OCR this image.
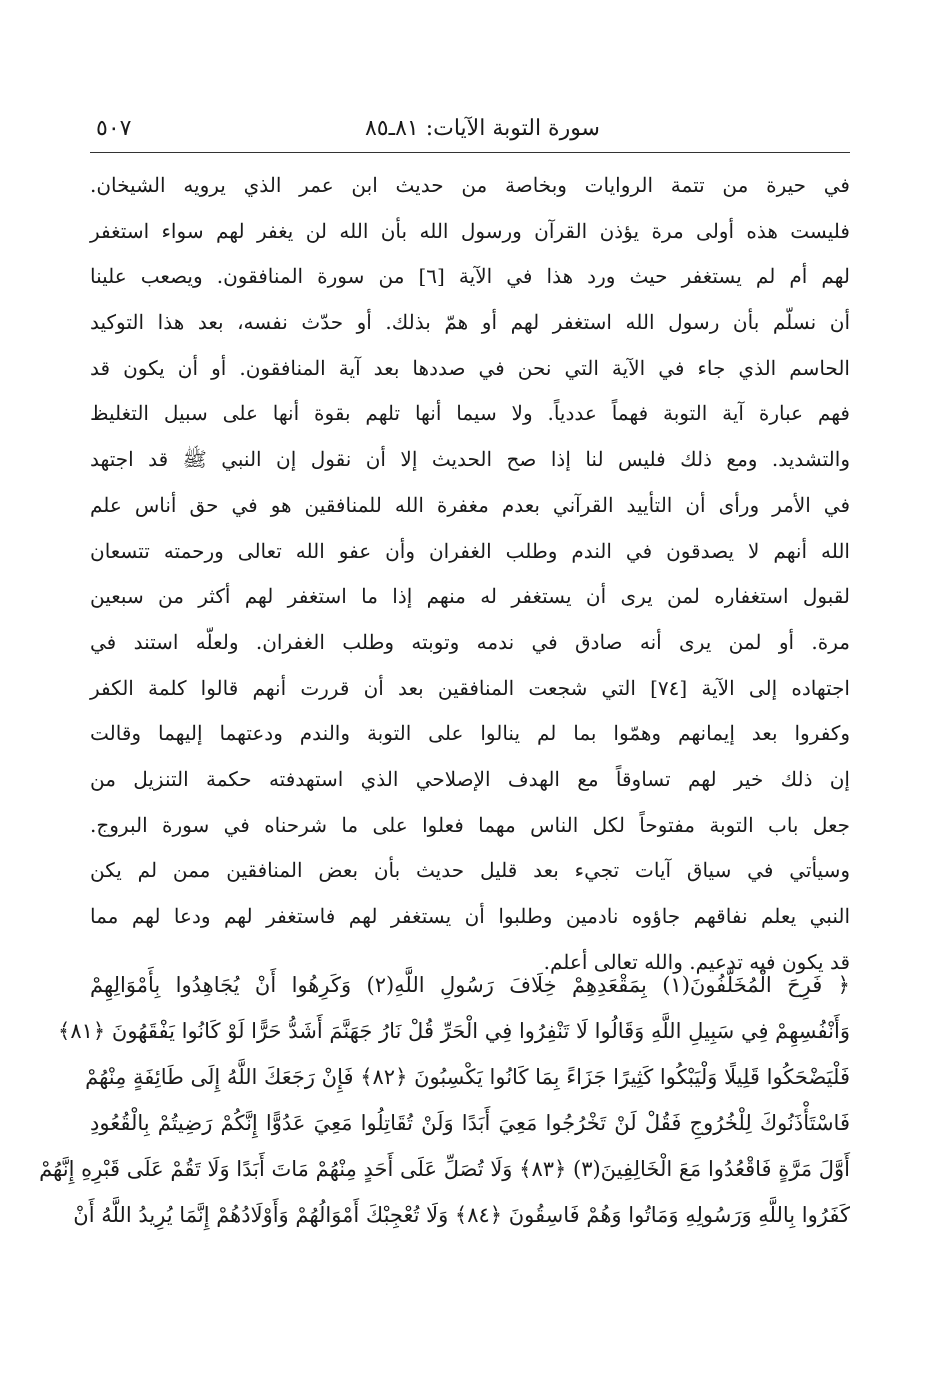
سورة التوبة الآيات: ٨١ـ٨٥
٥٠٧
في حيرة من تتمة الروايات وبخاصة من حديث ابن عمر الذي يرويه الشيخان.
فليست هذه أولى مرة يؤذن القرآن ورسول الله بأن الله لن يغفر لهم سواء استغفر
لهم أم لم يستغفر حيث ورد هذا في الآية [٦] من سورة المنافقون. ويصعب علينا
أن نسلّم بأن رسول الله استغفر لهم أو همّ بذلك. أو حدّث نفسه، بعد هذا التوكيد
الحاسم الذي جاء في الآية التي نحن في صددها بعد آية المنافقون. أو أن يكون قد
فهم عبارة آية التوبة فهماً عددياً. ولا سيما أنها تلهم بقوة أنها على سبيل التغليظ
والتشديد. ومع ذلك فليس لنا إذا صح الحديث إلا أن نقول إن النبي ﷺ قد اجتهد
في الأمر ورأى أن التأييد القرآني بعدم مغفرة الله للمنافقين هو في حق أناس علم
الله أنهم لا يصدقون في الندم وطلب الغفران وأن عفو الله تعالى ورحمته تتسعان
لقبول استغفاره لمن يرى أن يستغفر له منهم إذا ما استغفر لهم أكثر من سبعين
مرة. أو لمن يرى أنه صادق في ندمه وتوبته وطلب الغفران. ولعلّه استند في
اجتهاده إلى الآية [٧٤] التي شجعت المنافقين بعد أن قررت أنهم قالوا كلمة الكفر
وكفروا بعد إيمانهم وهمّوا بما لم ينالوا على التوبة والندم ودعتهما إليهما وقالت
إن ذلك خير لهم تساوقاً مع الهدف الإصلاحي الذي استهدفته حكمة التنزيل من
جعل باب التوبة مفتوحاً لكل الناس مهما فعلوا على ما شرحناه في سورة البروج.
وسيأتي في سياق آيات تجيء بعد قليل حديث بأن بعض المنافقين ممن لم يكن
النبي يعلم نفاقهم جاؤوه نادمين وطلبوا أن يستغفر لهم فاستغفر لهم ودعا لهم مما
قد يكون فيه تدعيم. والله تعالى أعلم.
﴿ فَرِحَ الْمُخَلَّفُونَ(١) بِمَقْعَدِهِمْ خِلَافَ رَسُولِ اللَّهِ(٢) وَكَرِهُوا أَنْ يُجَاهِدُوا بِأَمْوَالِهِمْ
وَأَنْفُسِهِمْ فِي سَبِيلِ اللَّهِ وَقَالُوا لَا تَنْفِرُوا فِي الْحَرِّ قُلْ نَارُ جَهَنَّمَ أَشَدُّ حَرًّا لَوْ كَانُوا يَفْقَهُونَ ﴿٨١﴾
فَلْيَضْحَكُوا قَلِيلًا وَلْيَبْكُوا كَثِيرًا جَزَاءً بِمَا كَانُوا يَكْسِبُونَ ﴿٨٢﴾ فَإِنْ رَجَعَكَ اللَّهُ إِلَى طَائِفَةٍ مِنْهُمْ
فَاسْتَأْذَنُوكَ لِلْخُرُوجِ فَقُلْ لَنْ تَخْرُجُوا مَعِيَ أَبَدًا وَلَنْ تُقَاتِلُوا مَعِيَ عَدُوًّا إِنَّكُمْ رَضِيتُمْ بِالْقُعُودِ
أَوَّلَ مَرَّةٍ فَاقْعُدُوا مَعَ الْخَالِفِينَ(٣) ﴿٨٣﴾ وَلَا تُصَلِّ عَلَى أَحَدٍ مِنْهُمْ مَاتَ أَبَدًا وَلَا تَقُمْ عَلَى قَبْرِهِ إِنَّهُمْ
كَفَرُوا بِاللَّهِ وَرَسُولِهِ وَمَاتُوا وَهُمْ فَاسِقُونَ ﴿٨٤﴾ وَلَا تُعْجِبْكَ أَمْوَالُهُمْ وَأَوْلَادُهُمْ إِنَّمَا يُرِيدُ اللَّهُ أَنْ
